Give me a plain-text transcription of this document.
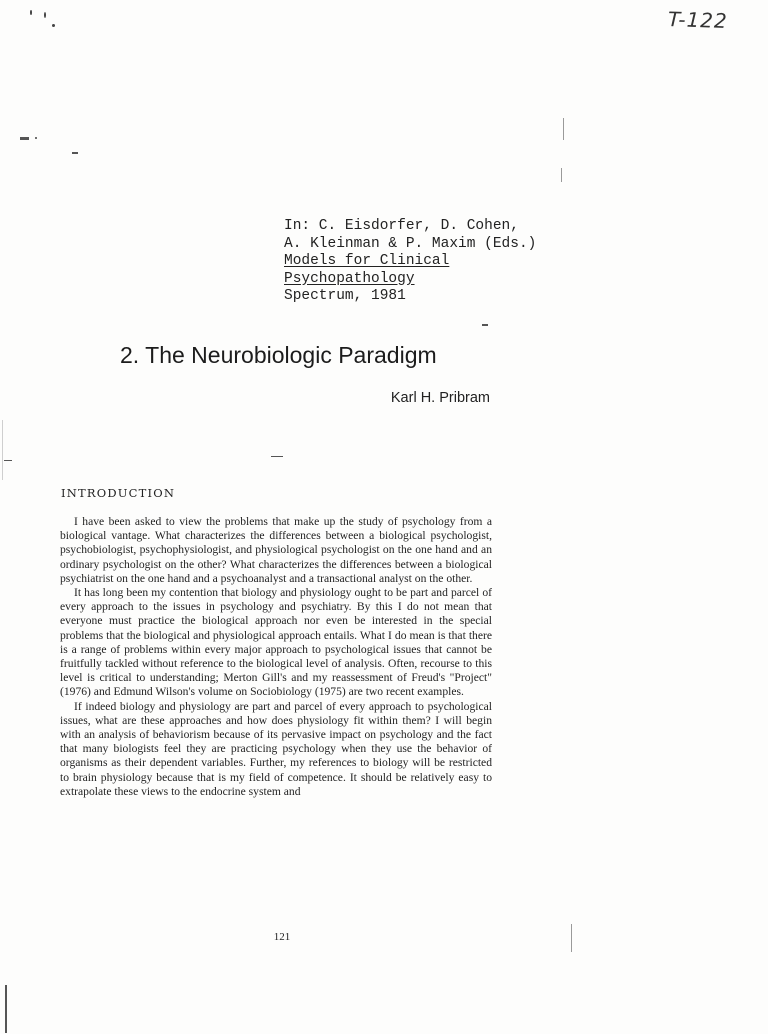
T-122
In: C. Eisdorfer, D. Cohen,
A. Kleinman & P. Maxim (Eds.)
Models for Clinical
Psychopathology
Spectrum, 1981
2. The Neurobiologic Paradigm
Karl H. Pribram
INTRODUCTION

I have been asked to view the problems that make up the study of psychology from a biological vantage. What characterizes the differences between a biological psychologist, psychobiologist, psychophysiologist, and physiological psychologist on the one hand and an ordinary psychologist on the other? What characterizes the differences between a biological psychiatrist on the one hand and a psychoanalyst and a transactional analyst on the other.

It has long been my contention that biology and physiology ought to be part and parcel of every approach to the issues in psychology and psychiatry. By this I do not mean that everyone must practice the biological approach nor even be interested in the special problems that the biological and physiological approach entails. What I do mean is that there is a range of problems within every major approach to psychological issues that cannot be fruitfully tackled without reference to the biological level of analysis. Often, recourse to this level is critical to understanding; Merton Gill's and my reassessment of Freud's "Project" (1976) and Edmund Wilson's volume on Sociobiology (1975) are two recent examples.

If indeed biology and physiology are part and parcel of every approach to psychological issues, what are these approaches and how does physiology fit within them? I will begin with an analysis of behaviorism because of its pervasive impact on psychology and the fact that many biologists feel they are practicing psychology when they use the behavior of organisms as their dependent variables. Further, my references to biology will be restricted to brain physiology because that is my field of competence. It should be relatively easy to extrapolate these views to the endocrine system and

121
